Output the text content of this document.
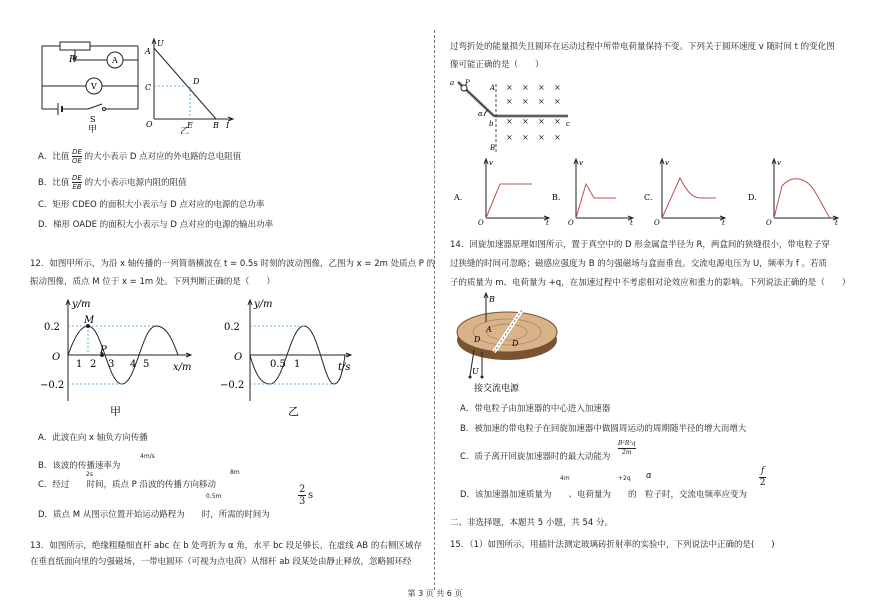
R	A
V
S
甲
A
U
C
D
O	E	B I
乙
A．比值 $\frac{DE}{OE}$ 的大小表示 D 点对应的外电路的总电阻值
B．比值 $\frac{DE}{EB}$ 的大小表示电源内阻的阻值
C．矩形 CDEO 的面积大小表示与 D 点对应的电源的总功率
D．梯形 OADE 的面积大小表示与 D 点对应的电源的输出功率
12．如图甲所示，为沿 x 轴传播的一列简谐横波在 t = 0.5s 时刻的波动图像，乙图为 x = 2m 处质点 P 的
振动图像，质点 M 位于 x = 1m 处。下列判断正确的是（　　）
y/m
0.2
O
−0.2
M
P
1 2 3 4 5 x/m
甲
y/m
0.2
O
−0.2
0.5 1	t/s
乙
A．此波在向 x 轴负方向传播
4m/s
B．该波的传播速率为
2s	8m
C．经过　　 时间，质点 P 沿波的传播方向移动
0.5m
2
3
s
D．质点 M 从图示位置开始运动路程为　　时，所需的时间为
13．如图所示，绝缘粗糙细直杆 abc 在 b 处弯折为 α 角，水平 bc 段足够长，在虚线 AB 的右侧区域存
在垂直纸面向里的匀强磁场，一带电圆环（可视为点电荷）从细杆 ab 段某处由静止释放，忽略圆环经
过弯折处的能量损失且圆环在运动过程中所带电荷量保持不变。下列关于圆环速度 v 随时间 t 的变化图
像可能正确的是（　　）
a P
A
α
b	c
B
× × × ×
× × × ×
× × × ×
× × × ×
A.
v
O	t
B.
v
O	t
C.
v
O	t
D.
v
O	t
14．回旋加速器原理如图所示，置于真空中的 D 形金属盒半径为 R，两盒间的狭缝很小，带电粒子穿
过狭缝的时间可忽略；磁感应强度为 B 的匀强磁场与盒面垂直。交流电源电压为 U，频率为 f 。若质
子的质量为 m、电荷量为 +q，在加速过程中不考虑相对论效应和重力的影响。下列说法正确的是（　　）
B
A
D	D
U
接交流电源
A．带电粒子由加速器的中心进入加速器
B．被加速的带电粒子在回旋加速器中做圆周运动的周期随半径的增大而增大
B²R²q
2m
C．质子离开回旋加速器时的最大动能为
4m	+2q α	f
2
D．该加速器加速质量为　　、电荷量为　　的　粒子时，交流电频率应变为
二、非选择题，本题共 5 小题，共 54 分。
15．（1）如图所示，用插针法测定玻璃砖折射率的实验中，下列说法中正确的是(　　)
第 3 页 共 6 页
